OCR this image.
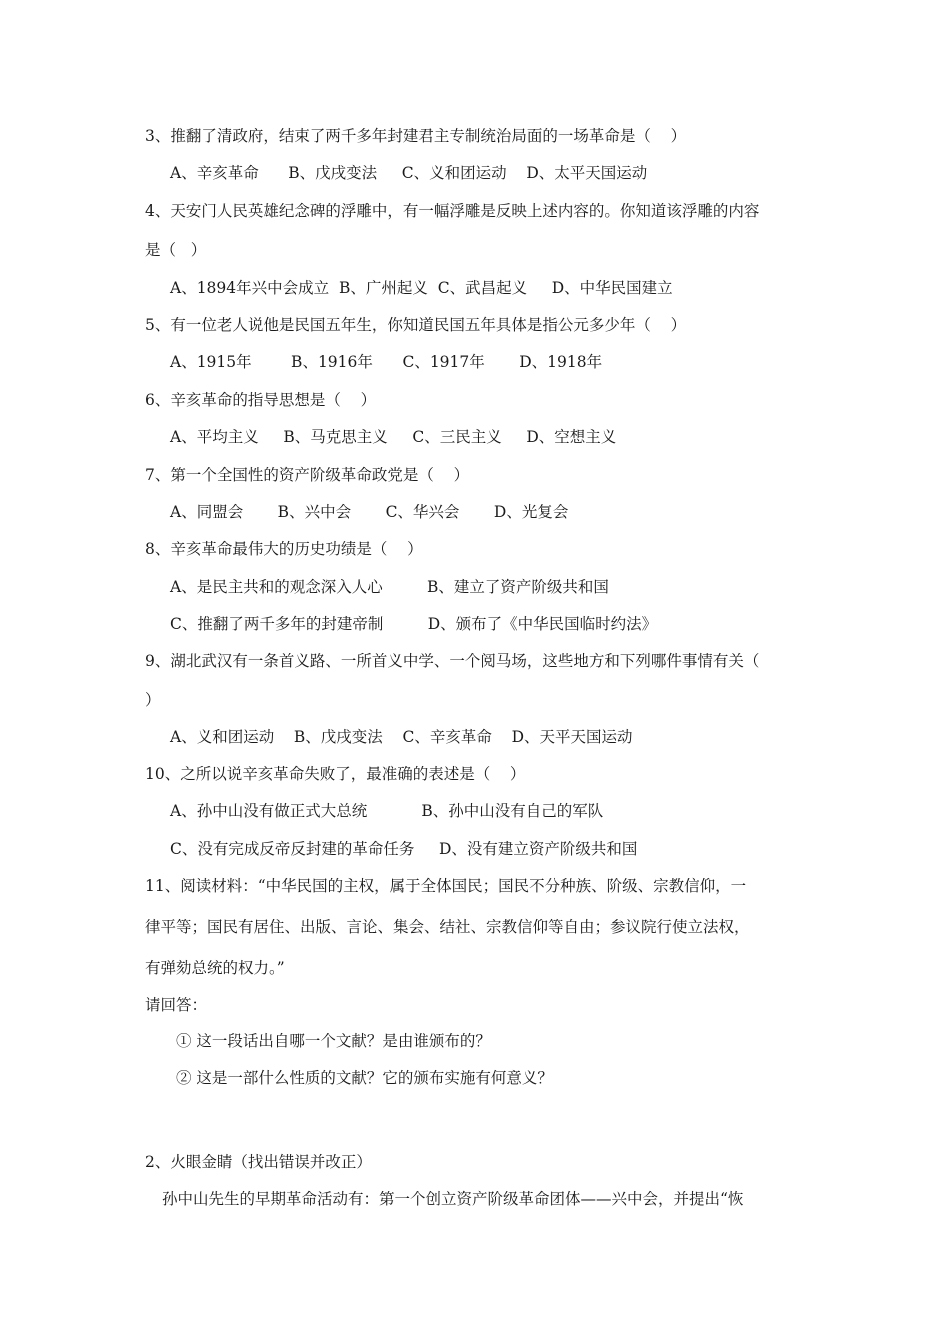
3、推翻了清政府，结束了两千多年封建君主专制统治局面的一场革命是（    ）
A、辛亥革命      B、戊戌变法     C、义和团运动    D、太平天国运动
4、天安门人民英雄纪念碑的浮雕中，有一幅浮雕是反映上述内容的。你知道该浮雕的内容
是（   ）
A、1894年兴中会成立  B、广州起义  C、武昌起义     D、中华民国建立
5、有一位老人说他是民国五年生，你知道民国五年具体是指公元多少年（    ）
A、1915年        B、1916年      C、1917年       D、1918年
6、辛亥革命的指导思想是（    ）
A、平均主义     B、马克思主义     C、三民主义     D、空想主义
7、第一个全国性的资产阶级革命政党是（    ）
A、同盟会       B、兴中会       C、华兴会       D、光复会
8、辛亥革命最伟大的历史功绩是（    ）
A、是民主共和的观念深入人心         B、建立了资产阶级共和国
C、推翻了两千多年的封建帝制         D、颁布了《中华民国临时约法》
9、湖北武汉有一条首义路、一所首义中学、一个阅马场，这些地方和下列哪件事情有关（
）
A、义和团运动    B、戊戌变法    C、辛亥革命    D、天平天国运动
10、之所以说辛亥革命失败了，最准确的表述是（    ）
A、孙中山没有做正式大总统           B、孙中山没有自己的军队
C、没有完成反帝反封建的革命任务     D、没有建立资产阶级共和国
11、阅读材料：“中华民国的主权，属于全体国民；国民不分种族、阶级、宗教信仰，一
律平等；国民有居住、出版、言论、集会、结社、宗教信仰等自由；参议院行使立法权，
有弹劾总统的权力。”
请回答：
① 这一段话出自哪一个文献？是由谁颁布的？
② 这是一部什么性质的文献？它的颁布实施有何意义？
2、火眼金睛（找出错误并改正）
孙中山先生的早期革命活动有：第一个创立资产阶级革命团体——兴中会，并提出“恢
